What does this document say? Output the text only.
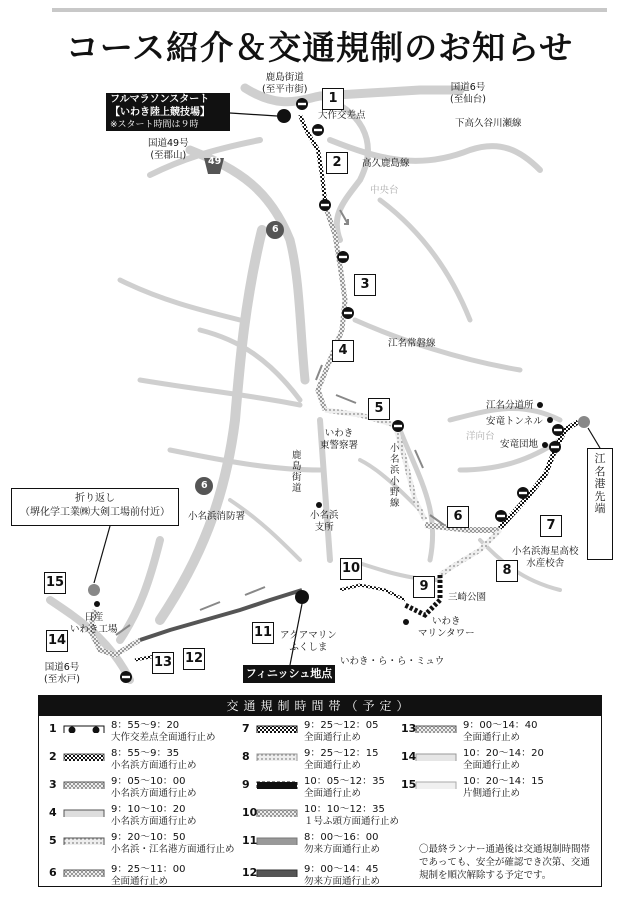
コース紹介＆交通規制のお知らせ
鹿島街道
(至平市街)
大作交差点
国道6号
(至仙台)
下高久谷川瀬線
国道49号
(至郡山)
49	高久鹿島線
中央台
6
6
江名常磐線
江名分道所
安竜トンネル
安竜団地
洋向台
いわき
東警察署	小名浜小野線
鹿島街道
小名浜消防署	小名浜
支所
小名浜海星高校
水産校舎
三崎公園
いわき
マリンタワー
アクアマリン
ふくしま
いわき・ら・ら・ミュウ
日産
いわき工場
国道6号
(至水戸)
フルマラソンスタート
【いわき陸上競技場】
※スタート時間は９時
フィニッシュ地点
折り返し
（堺化学工業㈱大剣工場前付近）
江
名
港
先
端
1
2
3
4
5
6
7
8
9
10
11
12
13
14
15
交通規制時間帯（予定）
1	8：55〜9：20
大作交差点全面通行止め
2	8：55〜9：35
小名浜方面通行止め
3	9：05〜10：00
小名浜方面通行止め
4	9：10〜10：20
小名浜方面通行止め
5	9：20〜10：50
小名浜・江名港方面通行止め
7	9：25〜12：05
全面通行止め
8	9：25〜12：15
全面通行止め
9	10：05〜12：35
全面通行止め
10	10：10〜12：35
１号ふ頭方面通行止め
11	8：00〜16：00
勿来方面通行止め
13	9：00〜14：40
全面通行止め
14	10：20〜14：20
全面通行止め
15	10：20〜14：15
片側通行止め
〇最終ランナー通過後は交通規制時間帯であっても、安全が確認でき次第、交通規制を順次解除する予定です。
6	9：25〜11：00
全面通行止め
12	9：00〜14：45
勿来方面通行止め
